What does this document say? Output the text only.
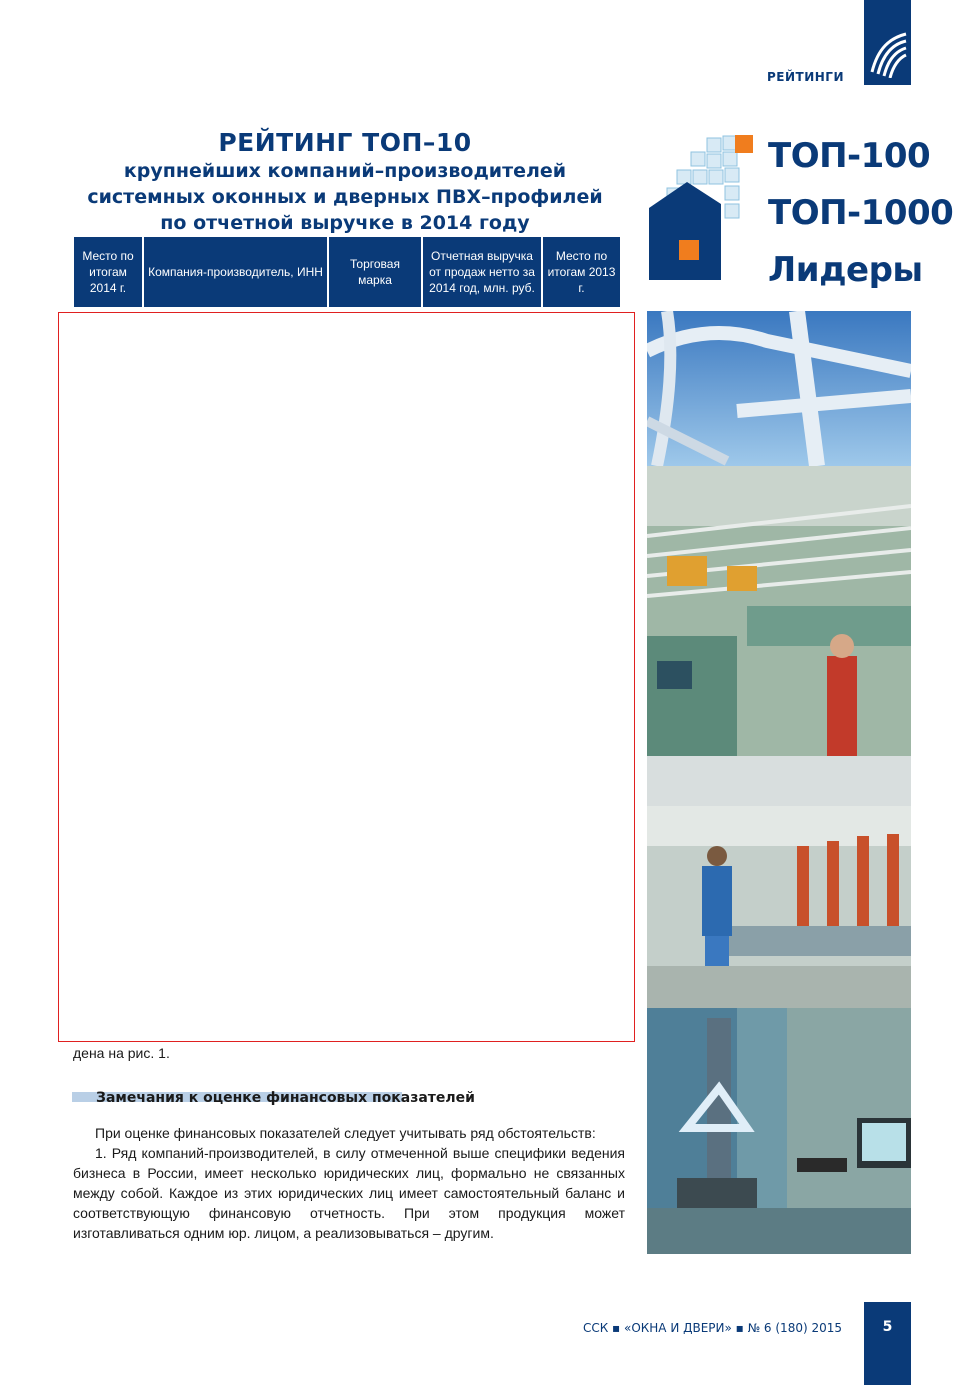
РЕЙТИНГИ
РЕЙТИНГ ТОП–10
крупнейших компаний–производителей
системных оконных и дверных ПВХ–профилей
по отчетной выручке в 2014 году
ТОП-100
ТОП-1000
Лидеры
Место по итогам 2014 г.
Компания-производитель, ИНН
Торговая марка
Отчетная выручка от продаж нетто за 2014 год, млн. руб.
Место по итогам 2013 г.
дена на рис. 1.
Замечания к оценке финансовых показателей

При оценке финансовых показателей следует учитывать ряд обстоятельств:

1. Ряд компаний-производителей, в силу отмеченной выше специфики ведения бизнеса в России, имеет несколько юридических лиц, формально не связанных между собой. Каждое из этих юридических лиц имеет самостоятельный баланс и соответствующую финансовую отчетность. При этом продукция может изготавливаться одним юр. лицом, а реализовываться – другим.

ССК ▪ «ОКНА И ДВЕРИ» ▪ № 6 (180) 2015	5
